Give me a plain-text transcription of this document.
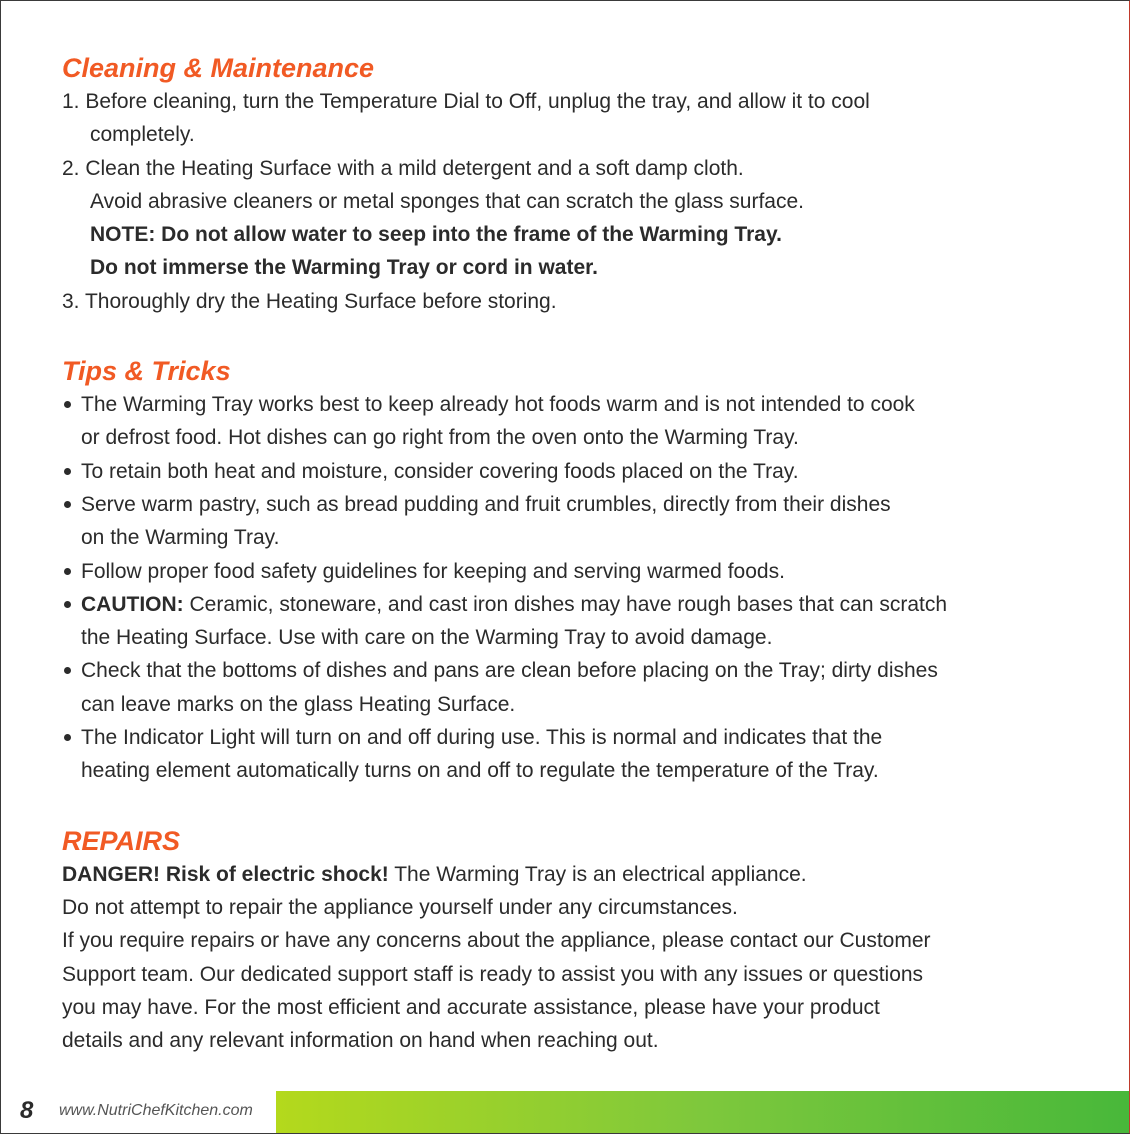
Cleaning & Maintenance
1. Before cleaning, turn the Temperature Dial to Off, unplug the tray, and allow it to cool
completely.
2. Clean the Heating Surface with a mild detergent and a soft damp cloth.
Avoid abrasive cleaners or metal sponges that can scratch the glass surface.
NOTE: Do not allow water to seep into the frame of the Warming Tray.
Do not immerse the Warming Tray or cord in water.
3. Thoroughly dry the Heating Surface before storing.
Tips & Tricks
The Warming Tray works best to keep already hot foods warm and is not intended to cook
or defrost food. Hot dishes can go right from the oven onto the Warming Tray.
To retain both heat and moisture, consider covering foods placed on the Tray.
Serve warm pastry, such as bread pudding and fruit crumbles, directly from their dishes
on the Warming Tray.
Follow proper food safety guidelines for keeping and serving warmed foods.
CAUTION: Ceramic, stoneware, and cast iron dishes may have rough bases that can scratch
the Heating Surface. Use with care on the Warming Tray to avoid damage.
Check that the bottoms of dishes and pans are clean before placing on the Tray; dirty dishes
can leave marks on the glass Heating Surface.
The Indicator Light will turn on and off during use. This is normal and indicates that the
heating element automatically turns on and off to regulate the temperature of the Tray.
REPAIRS
DANGER! Risk of electric shock! The Warming Tray is an electrical appliance.
Do not attempt to repair the appliance yourself under any circumstances.
If you require repairs or have any concerns about the appliance, please contact our Customer
Support team. Our dedicated support staff is ready to assist you with any issues or questions
you may have. For the most efficient and accurate assistance, please have your product
details and any relevant information on hand when reaching out.
8 www.NutriChefKitchen.com
